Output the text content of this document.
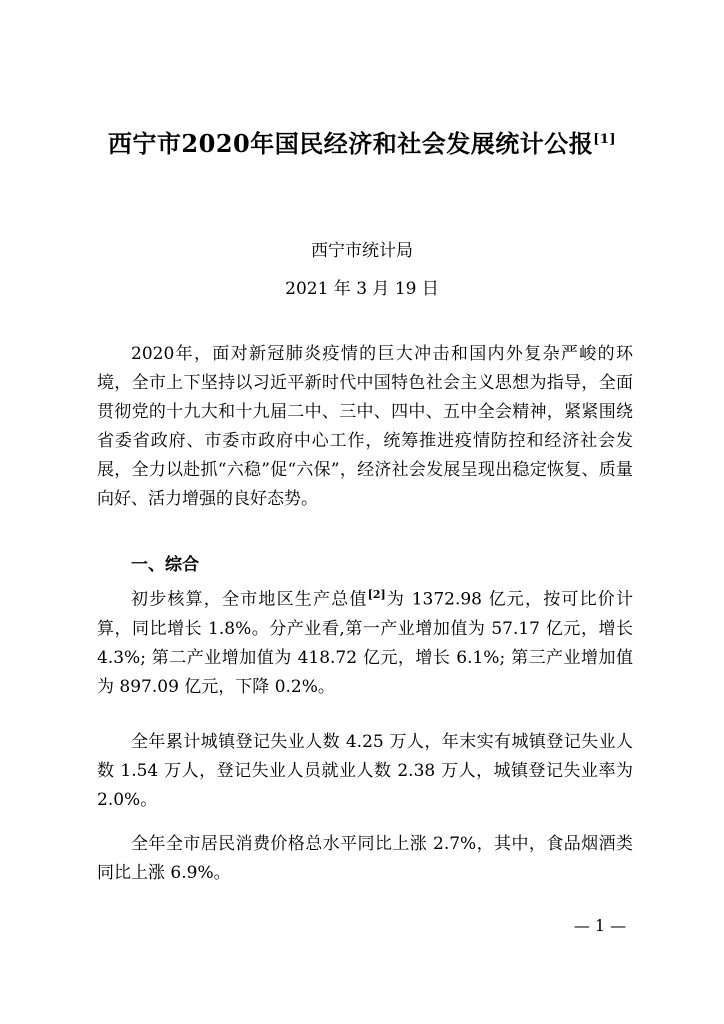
西宁市2020年国民经济和社会发展统计公报[1]
西宁市统计局
2021 年 3 月 19 日

2020年，面对新冠肺炎疫情的巨大冲击和国内外复杂严峻的环境，全市上下坚持以习近平新时代中国特色社会主义思想为指导，全面贯彻党的十九大和十九届二中、三中、四中、五中全会精神，紧紧围绕省委省政府、市委市政府中心工作，统筹推进疫情防控和经济社会发展，全力以赴抓“六稳”促“六保”，经济社会发展呈现出稳定恢复、质量向好、活力增强的良好态势。

一、综合

初步核算，全市地区生产总值[2]为 1372.98 亿元，按可比价计算，同比增长 1.8%。分产业看,第一产业增加值为 57.17 亿元，增长 4.3%; 第二产业增加值为 418.72 亿元，增长 6.1%; 第三产业增加值为 897.09 亿元，下降 0.2%。

全年累计城镇登记失业人数 4.25 万人，年末实有城镇登记失业人数 1.54 万人，登记失业人员就业人数 2.38 万人，城镇登记失业率为 2.0%。

全年全市居民消费价格总水平同比上涨 2.7%，其中，食品烟酒类同比上涨 6.9%。

— 1 —
